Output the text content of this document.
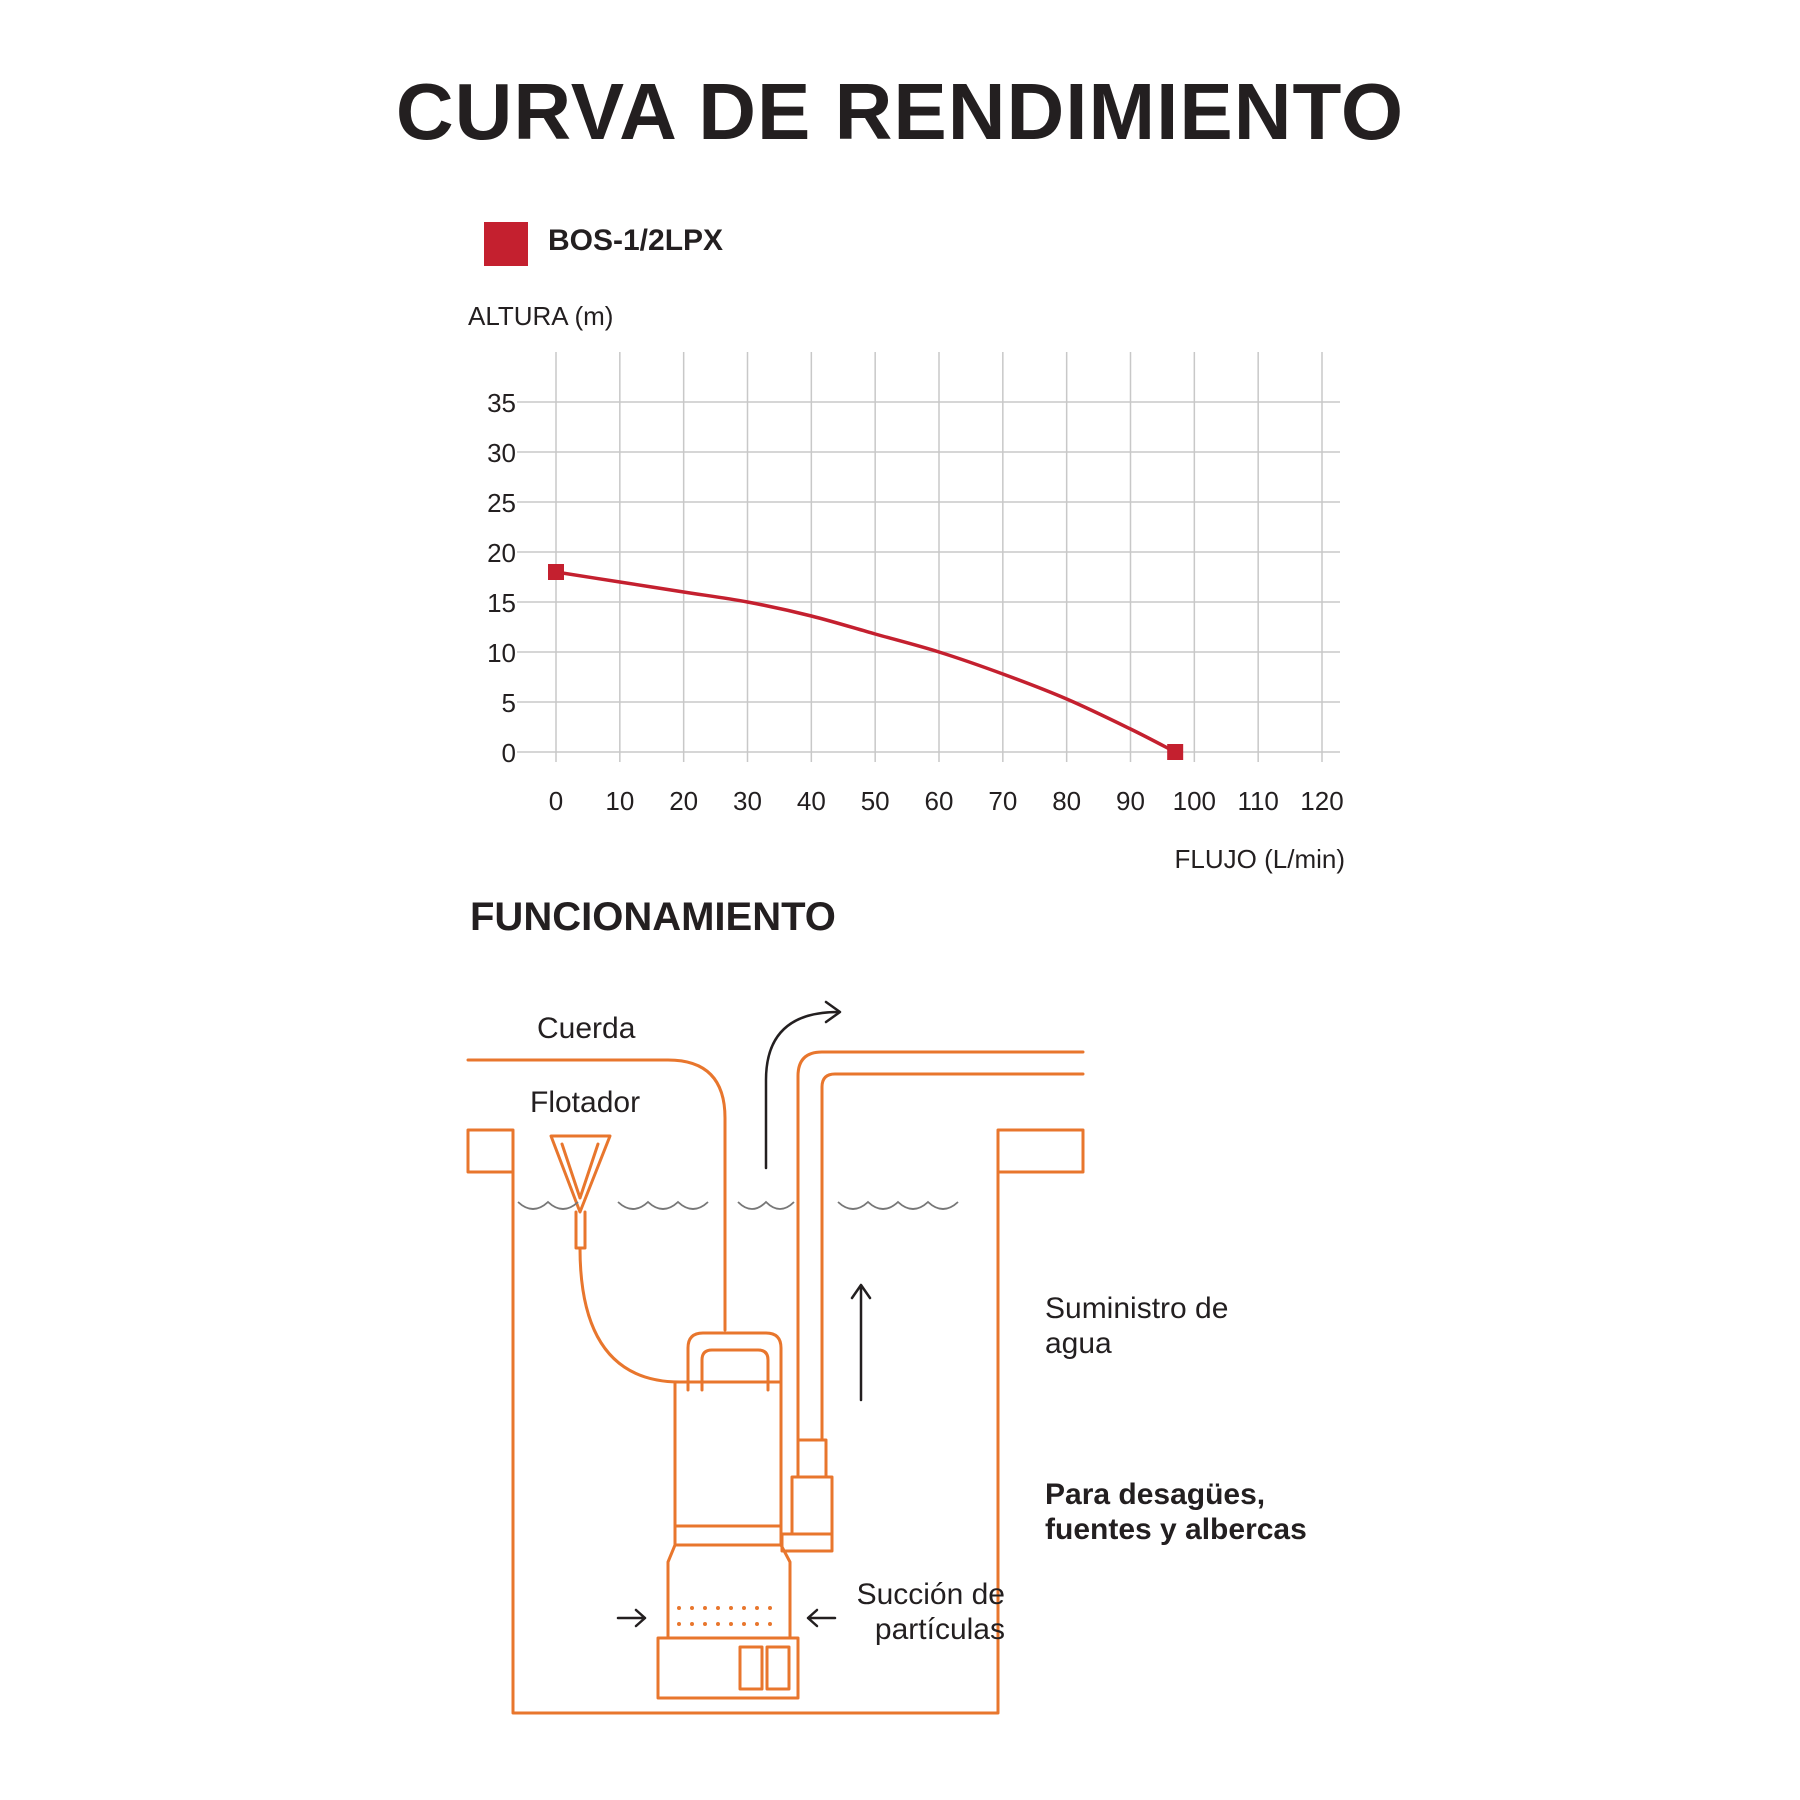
CURVA DE RENDIMIENTO
BOS-1/2LPX
0 10 20 30 40 50 60 70 80 90 100 110 120
35
30
25
20
15
10
5
0
ALTURA (m)
FLUJO (L/min)
FUNCIONAMIENTO
Cuerda
Flotador
Suministro de agua
Succión de partículas
Para desagües, fuentes y albercas
